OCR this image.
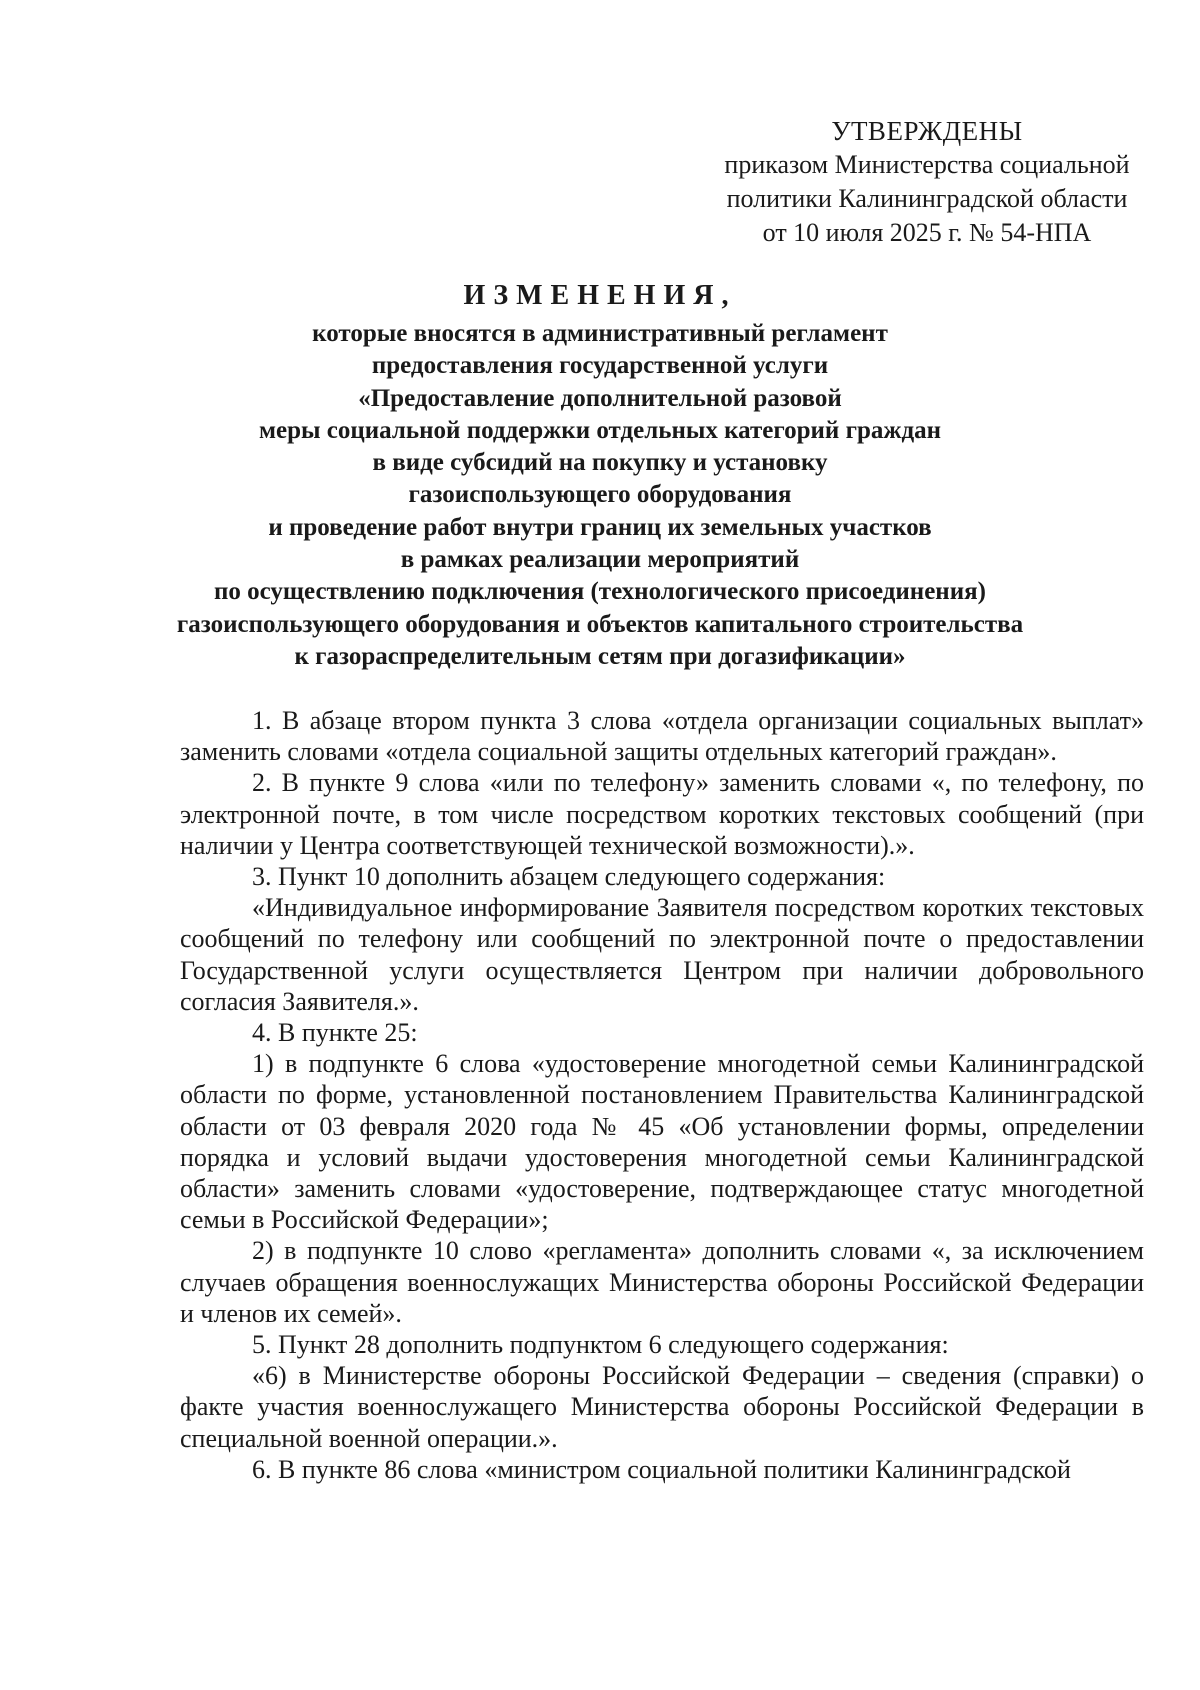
УТВЕРЖДЕНЫ
приказом Министерства социальной
политики Калининградской области
от 10 июля 2025 г. № 54-НПА
ИЗМЕНЕНИЯ,
которые вносятся в административный регламент
предоставления государственной услуги
«Предоставление дополнительной разовой
меры социальной поддержки отдельных категорий граждан
в виде субсидий на покупку и установку
газоиспользующего оборудования
и проведение работ внутри границ их земельных участков
в рамках реализации мероприятий
по осуществлению подключения (технологического присоединения)
газоиспользующего оборудования и объектов капитального строительства
к газораспределительным сетям при догазификации»

1. В абзаце втором пункта 3 слова «отдела организации социальных выплат» заменить словами «отдела социальной защиты отдельных категорий граждан».

2. В пункте 9 слова «или по телефону» заменить словами «, по телефону, по электронной почте, в том числе посредством коротких текстовых сообщений (при наличии у Центра соответствующей технической возможности).».

3. Пункт 10 дополнить абзацем следующего содержания:

«Индивидуальное информирование Заявителя посредством коротких текстовых сообщений по телефону или сообщений по электронной почте о предоставлении Государственной услуги осуществляется Центром при наличии добровольного согласия Заявителя.».

4. В пункте 25:

1) в подпункте 6 слова «удостоверение многодетной семьи Калининградской области по форме, установленной постановлением Правительства Калининградской области от 03 февраля 2020 года № 45 «Об установлении формы, определении порядка и условий выдачи удостоверения многодетной семьи Калининградской области» заменить словами «удостоверение, подтверждающее статус многодетной семьи в Российской Федерации»;

2) в подпункте 10 слово «регламента» дополнить словами «, за исключением случаев обращения военнослужащих Министерства обороны Российской Федерации и членов их семей».

5. Пункт 28 дополнить подпунктом 6 следующего содержания:

«6) в Министерстве обороны Российской Федерации – сведения (справки) о факте участия военнослужащего Министерства обороны Российской Федерации в специальной военной операции.».

6. В пункте 86 слова «министром социальной политики Калининградской
